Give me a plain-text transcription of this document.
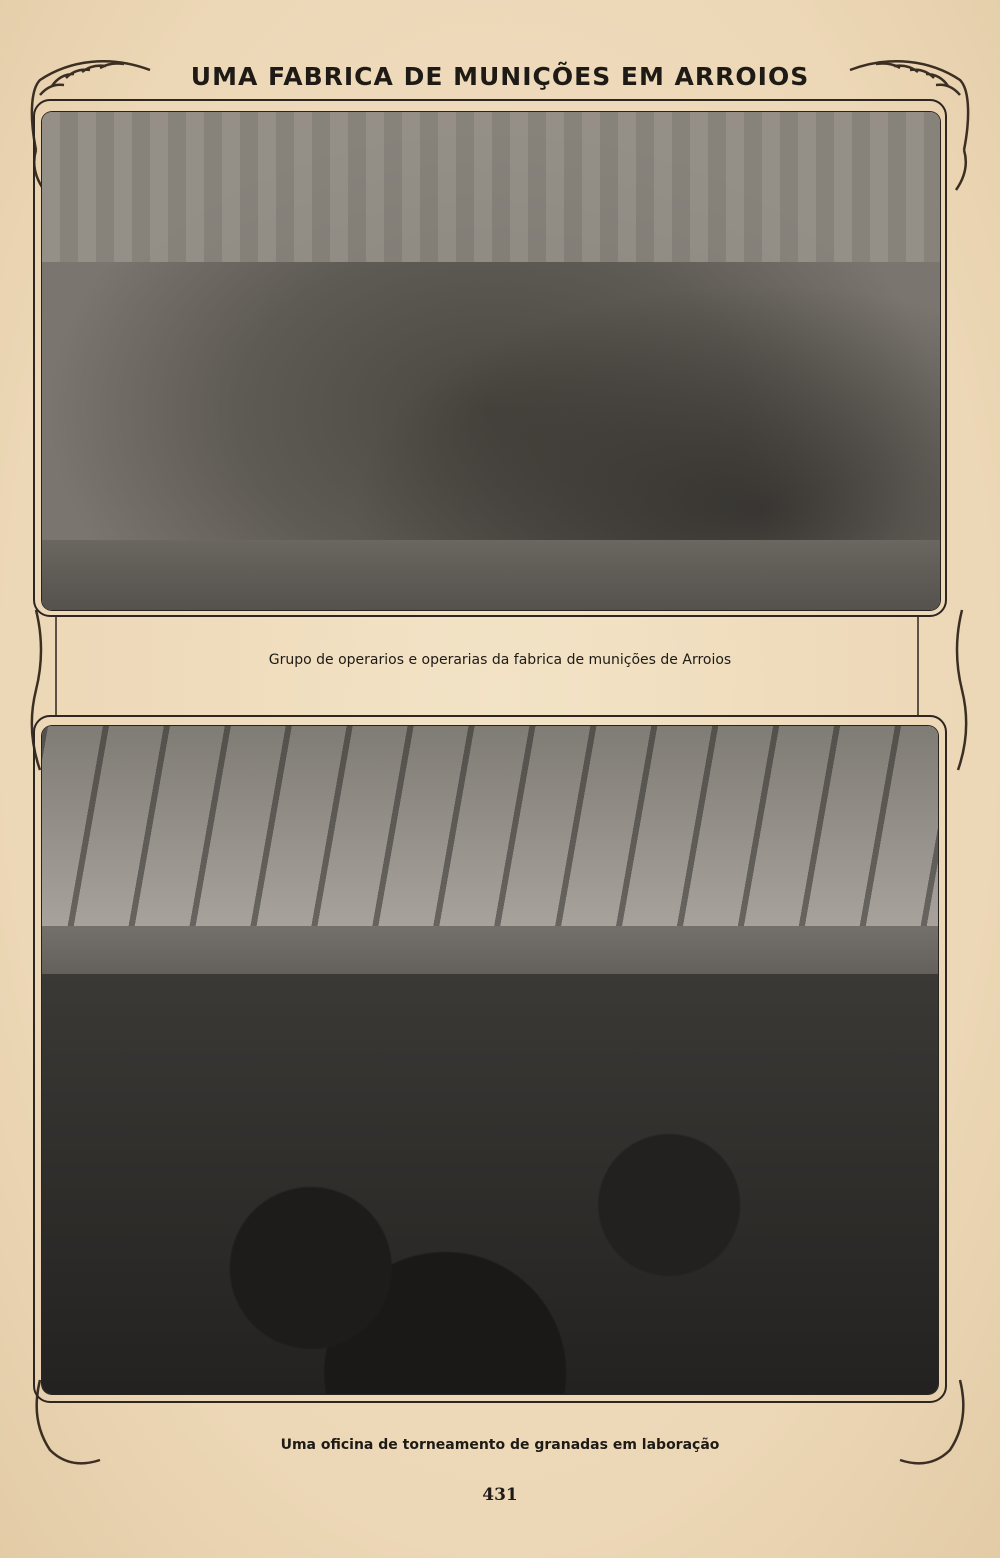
UMA FABRICA DE MUNIÇÕES EM ARROIOS
Grupo de operarios e operarias da fabrica de munições de Arroios
Uma oficina de torneamento de granadas em laboração
431
